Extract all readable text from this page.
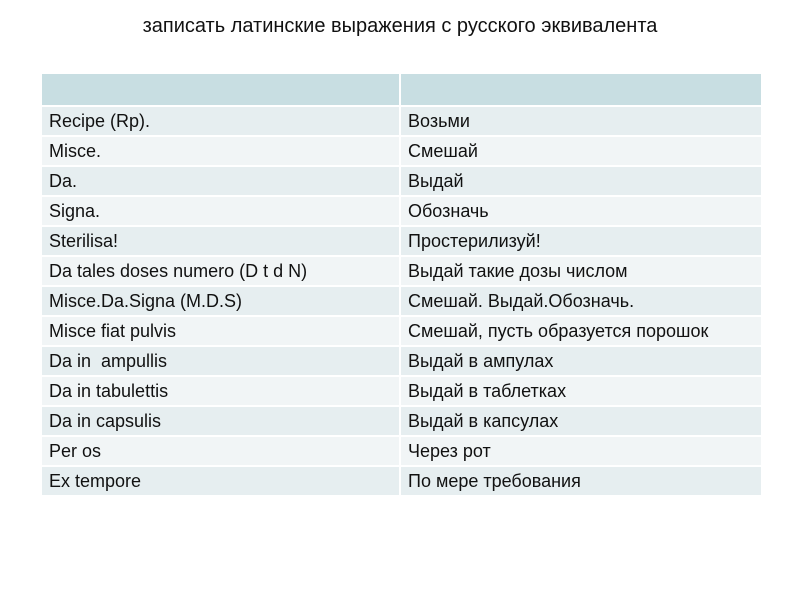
записать латинские выражения с русского эквивалента

Recipe (Rp).	Возьми
Misce.	Смешай
Da.	Выдай
Signa.	Обозначь
Sterilisa!	Простерилизуй!
Da tales doses numero (D t d N)	Выдай такие дозы числом
Misce.Da.Signa (M.D.S)	Смешай. Выдай.Обозначь.
Misce fiat pulvis	Смешай, пусть образуется порошок
Da in  ampullis	Выдай в ампулах
Da in tabulettis	Выдай в таблетках
Da in capsulis	Выдай в капсулах
Per os	Через рот
Ex tempore	По мере требования
